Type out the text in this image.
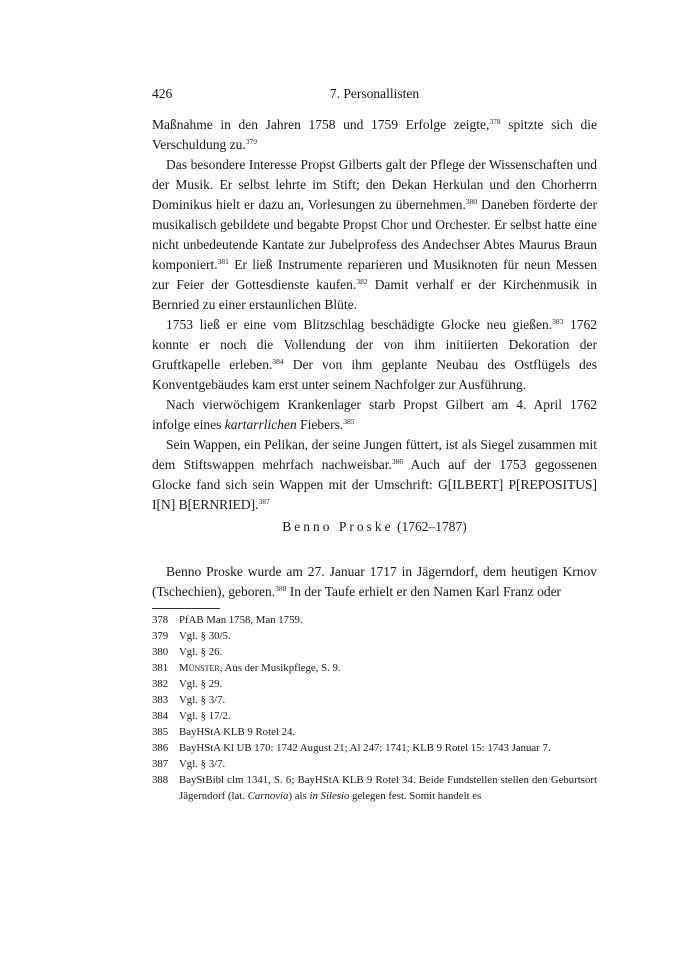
426	7. Personallisten

Maßnahme in den Jahren 1758 und 1759 Erfolge zeigte,$^{378}$ spitzte sich die Verschuldung zu.$^{379}$

Das besondere Interesse Propst Gilberts galt der Pflege der Wissenschaften und der Musik. Er selbst lehrte im Stift; den Dekan Herkulan und den Chorherrn Dominikus hielt er dazu an, Vorlesungen zu übernehmen.$^{380}$ Daneben förderte der musikalisch gebildete und begabte Propst Chor und Orchester. Er selbst hatte eine nicht unbedeutende Kantate zur Jubelprofess des Andechser Abtes Maurus Braun komponiert.$^{381}$ Er ließ Instrumente reparieren und Musiknoten für neun Messen zur Feier der Gottesdienste kaufen.$^{382}$ Damit verhalf er der Kirchenmusik in Bernried zu einer erstaunlichen Blüte.

1753 ließ er eine vom Blitzschlag beschädigte Glocke neu gießen.$^{383}$ 1762 konnte er noch die Vollendung der von ihm initiierten Dekoration der Gruftkapelle erleben.$^{384}$ Der von ihm geplante Neubau des Ostflügels des Konventgebäudes kam erst unter seinem Nachfolger zur Ausführung.

Nach vierwöchigem Krankenlager starb Propst Gilbert am 4. April 1762 infolge eines kartarrlichen Fiebers.$^{385}$

Sein Wappen, ein Pelikan, der seine Jungen füttert, ist als Siegel zusammen mit dem Stiftswappen mehrfach nachweisbar.$^{386}$ Auch auf der 1753 gegossenen Glocke fand sich sein Wappen mit der Umschrift: G[ILBERT] P[REPOSITUS] I[N] B[ERNRIED].$^{387}$

Benno Proske (1762–1787)

Benno Proske wurde am 27. Januar 1717 in Jägerndorf, dem heutigen Krnov (Tschechien), geboren.$^{388}$ In der Taufe erhielt er den Namen Karl Franz oder

378 PfAB Man 1758, Man 1759.
379 Vgl. § 30/5.
380 Vgl. § 26.
381 Münster, Aus der Musikpflege, S. 9.
382 Vgl. § 29.
383 Vgl. § 3/7.
384 Vgl. § 17/2.
385 BayHStA KLB 9 Rotel 24.
386 BayHStA Kl UB 170: 1742 August 21; Al 247: 1741; KLB 9 Rotel 15: 1743 Januar 7.
387 Vgl. § 3/7.
388 BayStBibl clm 1341, S. 6; BayHStA KLB 9 Rotel 34. Beide Fundstellen stellen den Geburtsort Jägerndorf (lat. Carnovia) als in Silesio gelegen fest. Somit handelt es
